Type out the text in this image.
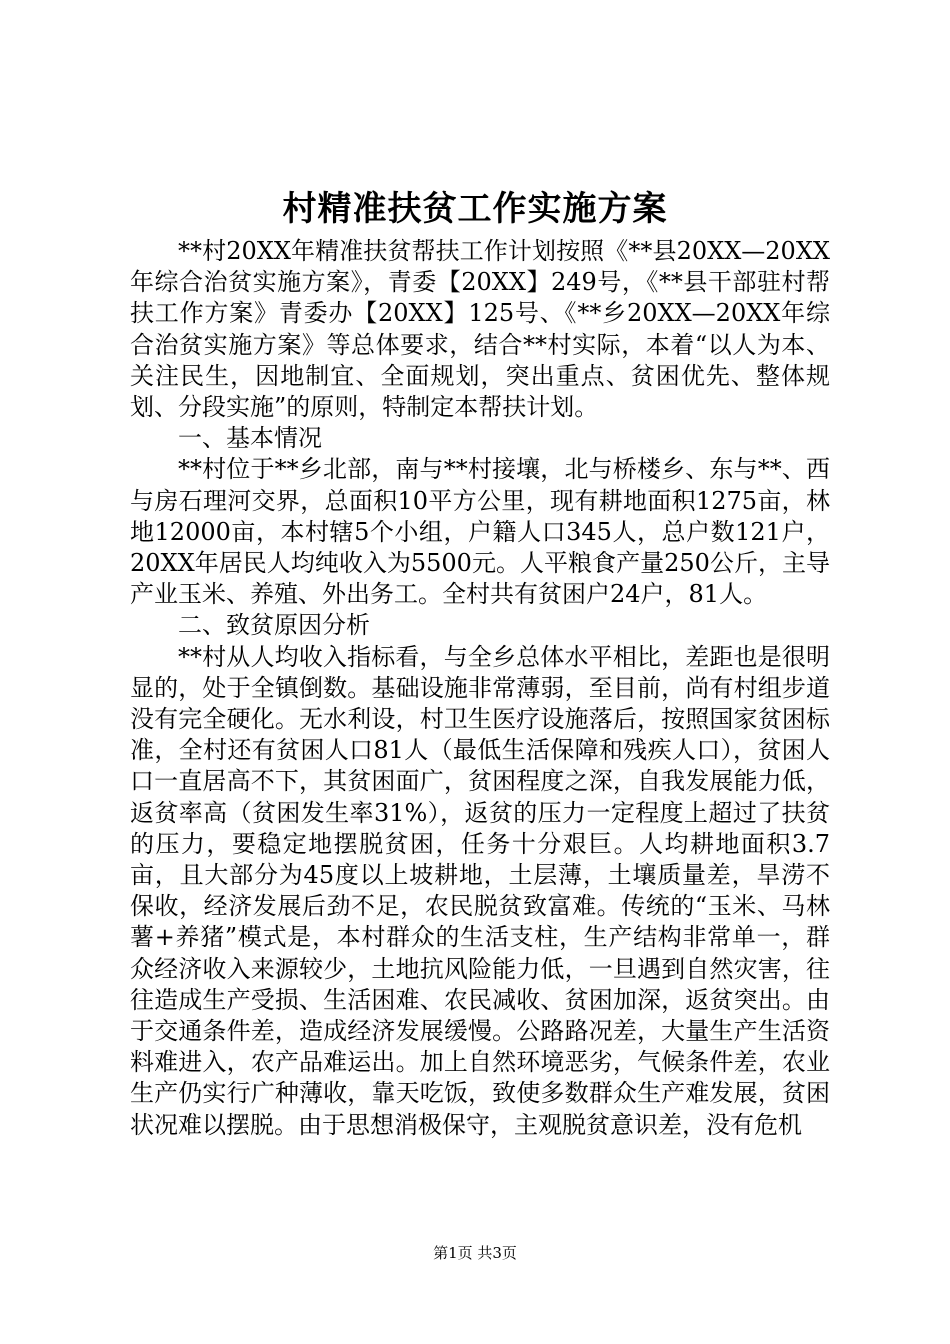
村精准扶贫工作实施方案

**村20XX年精准扶贫帮扶工作计划按照《**县20XX—20XX年综合治贫实施方案》，青委【20XX】249号，《**县干部驻村帮扶工作方案》青委办【20XX】125号、《**乡20XX—20XX年综合治贫实施方案》等总体要求，结合**村实际，本着“以人为本、关注民生，因地制宜、全面规划，突出重点、贫困优先、整体规划、分段实施”的原则，特制定本帮扶计划。

一、基本情况

**村位于**乡北部，南与**村接壤，北与桥楼乡、东与**、西与房石理河交界，总面积10平方公里，现有耕地面积1275亩，林地12000亩，本村辖5个小组，户籍人口345人，总户数121户，20XX年居民人均纯收入为5500元。人平粮食产量250公斤，主导产业玉米、养殖、外出务工。全村共有贫困户24户，81人。

二、致贫原因分析

**村从人均收入指标看，与全乡总体水平相比，差距也是很明显的，处于全镇倒数。基础设施非常薄弱，至目前，尚有村组步道没有完全硬化。无水利设，村卫生医疗设施落后，按照国家贫困标准，全村还有贫困人口81人（最低生活保障和残疾人口），贫困人口一直居高不下，其贫困面广，贫困程度之深，自我发展能力低，返贫率高（贫困发生率31%），返贫的压力一定程度上超过了扶贫的压力，要稳定地摆脱贫困，任务十分艰巨。人均耕地面积3.7亩，且大部分为45度以上坡耕地，土层薄，土壤质量差，旱涝不保收，经济发展后劲不足，农民脱贫致富难。传统的“玉米、马林薯+养猪”模式是，本村群众的生活支柱，生产结构非常单一，群众经济收入来源较少，土地抗风险能力低，一旦遇到自然灾害，往往造成生产受损、生活困难、农民减收、贫困加深，返贫突出。由于交通条件差，造成经济发展缓慢。公路路况差，大量生产生活资料难进入，农产品难运出。加上自然环境恶劣，气候条件差，农业生产仍实行广种薄收，靠天吃饭，致使多数群众生产难发展，贫困状况难以摆脱。由于思想消极保守，主观脱贫意识差，没有危机

第1页 共3页
